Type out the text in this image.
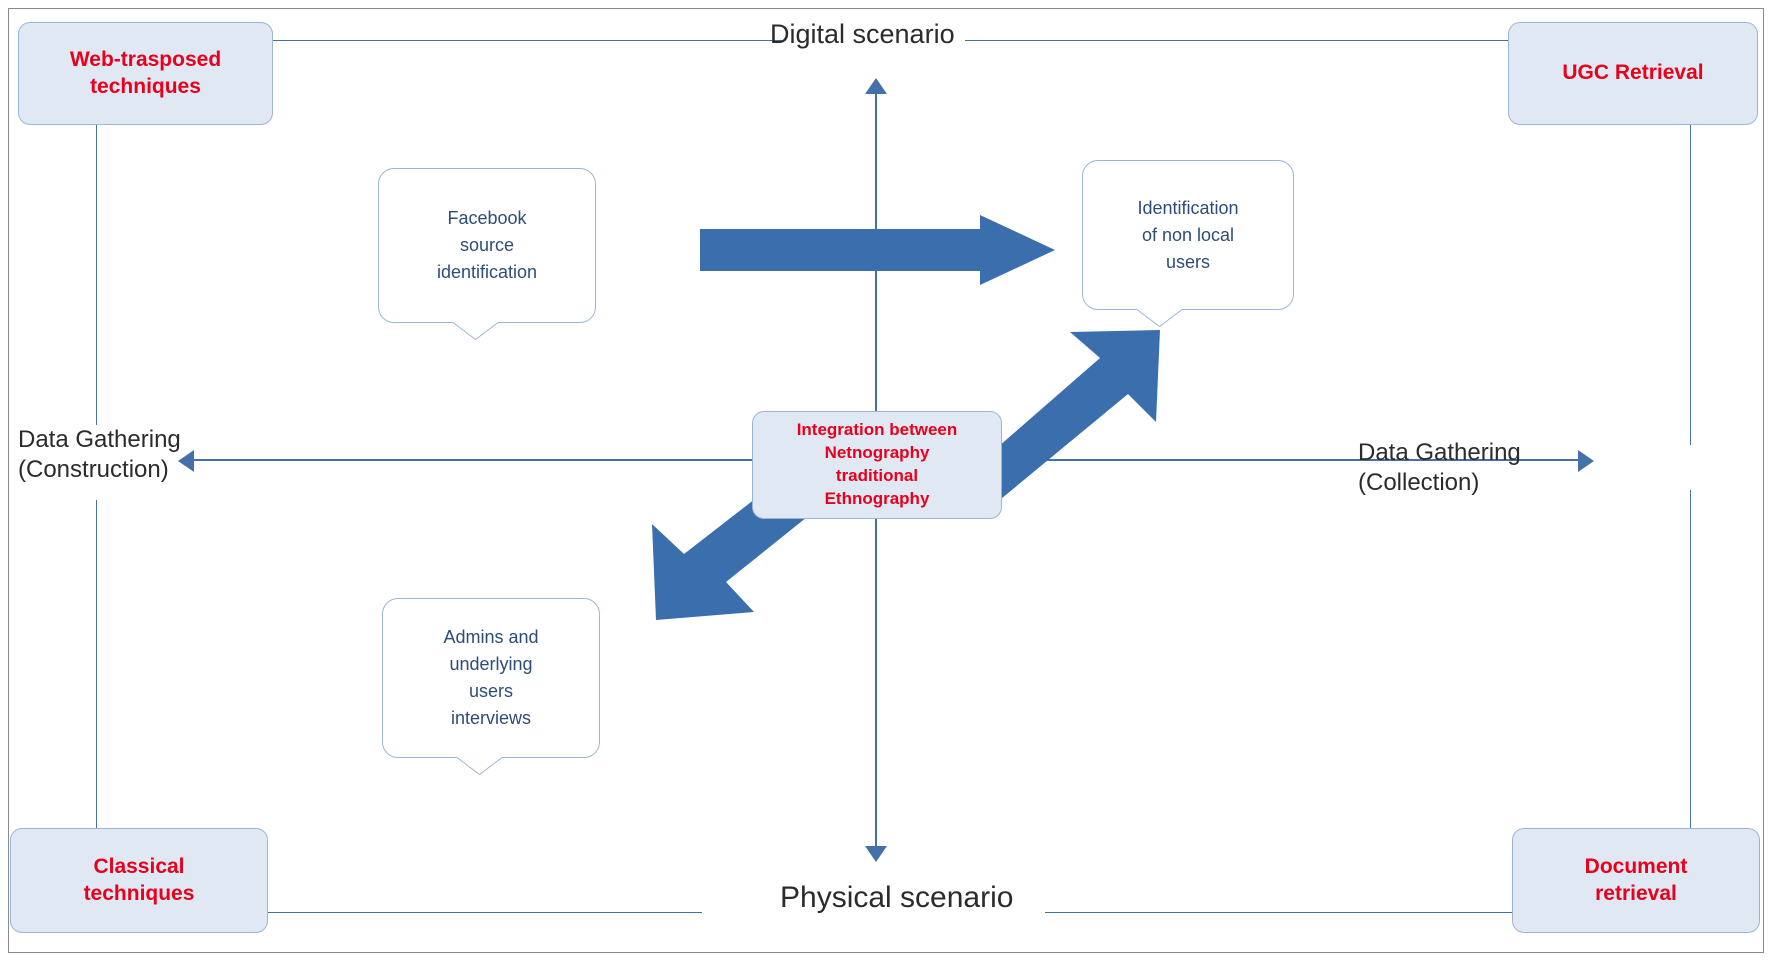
Digital scenario
Physical scenario
Data Gathering
(Construction)
Data Gathering
(Collection)
Web-trasposed
techniques
UGC Retrieval
Classical
techniques
Document
retrieval
Integration between
Netnography
traditional
Ethnography
Facebook
source
identification
Identification
of non local
users
Admins and
underlying
users
interviews
